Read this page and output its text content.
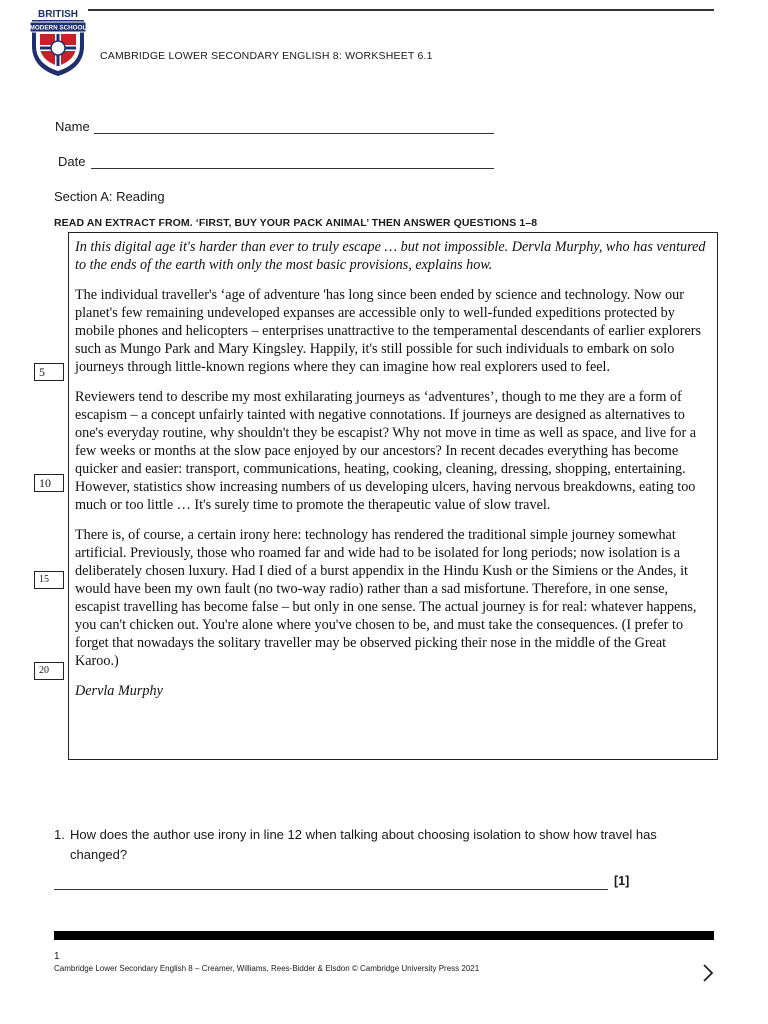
BRITISH
MODERN SCHOOL
CAMBRIDGE LOWER SECONDARY ENGLISH 8: WORKSHEET 6.1
Name
Date
Section A: Reading
READ AN EXTRACT FROM. ‘FIRST, BUY YOUR PACK ANIMAL’ THEN ANSWER QUESTIONS 1–8

In this digital age it's harder than ever to truly escape … but not impossible. Dervla Murphy, who has ventured to the ends of the earth with only the most basic provisions, explains how.

The individual traveller's ‘age of adventure 'has long since been ended by science and technology. Now our planet's few remaining undeveloped expanses are accessible only to well-funded expeditions protected by mobile phones and helicopters – enterprises unattractive to the temperamental descendants of earlier explorers such as Mungo Park and Mary Kingsley. Happily, it's still possible for such individuals to embark on solo journeys through little-known regions where they can imagine how real explorers used to feel.

Reviewers tend to describe my most exhilarating journeys as ‘adventures’, though to me they are a form of escapism – a concept unfairly tainted with negative connotations. If journeys are designed as alternatives to one's everyday routine, why shouldn't they be escapist? Why not move in time as well as space, and live for a few weeks or months at the slow pace enjoyed by our ancestors? In recent decades everything has become quicker and easier: transport, communications, heating, cooking, cleaning, dressing, shopping, entertaining. However, statistics show increasing numbers of us developing ulcers, having nervous breakdowns, eating too much or too little … It's surely time to promote the therapeutic value of slow travel.

There is, of course, a certain irony here: technology has rendered the traditional simple journey somewhat artificial. Previously, those who roamed far and wide had to be isolated for long periods; now isolation is a deliberately chosen luxury. Had I died of a burst appendix in the Hindu Kush or the Simiens or the Andes, it would have been my own fault (no two-way radio) rather than a sad misfortune. Therefore, in one sense, escapist travelling has become false – but only in one sense. The actual journey is for real: whatever happens, you can't chicken out. You're alone where you've chosen to be, and must take the consequences. (I prefer to forget that nowadays the solitary traveller may be observed picking their nose in the middle of the Great Karoo.)

Dervla Murphy

5
10
15
20
1. How does the author use irony in line 12 when talking about choosing isolation to show how travel has changed?
[1]
1
Cambridge Lower Secondary English 8 – Creamer, Williams, Rees-Bidder & Elsdon © Cambridge University Press 2021
